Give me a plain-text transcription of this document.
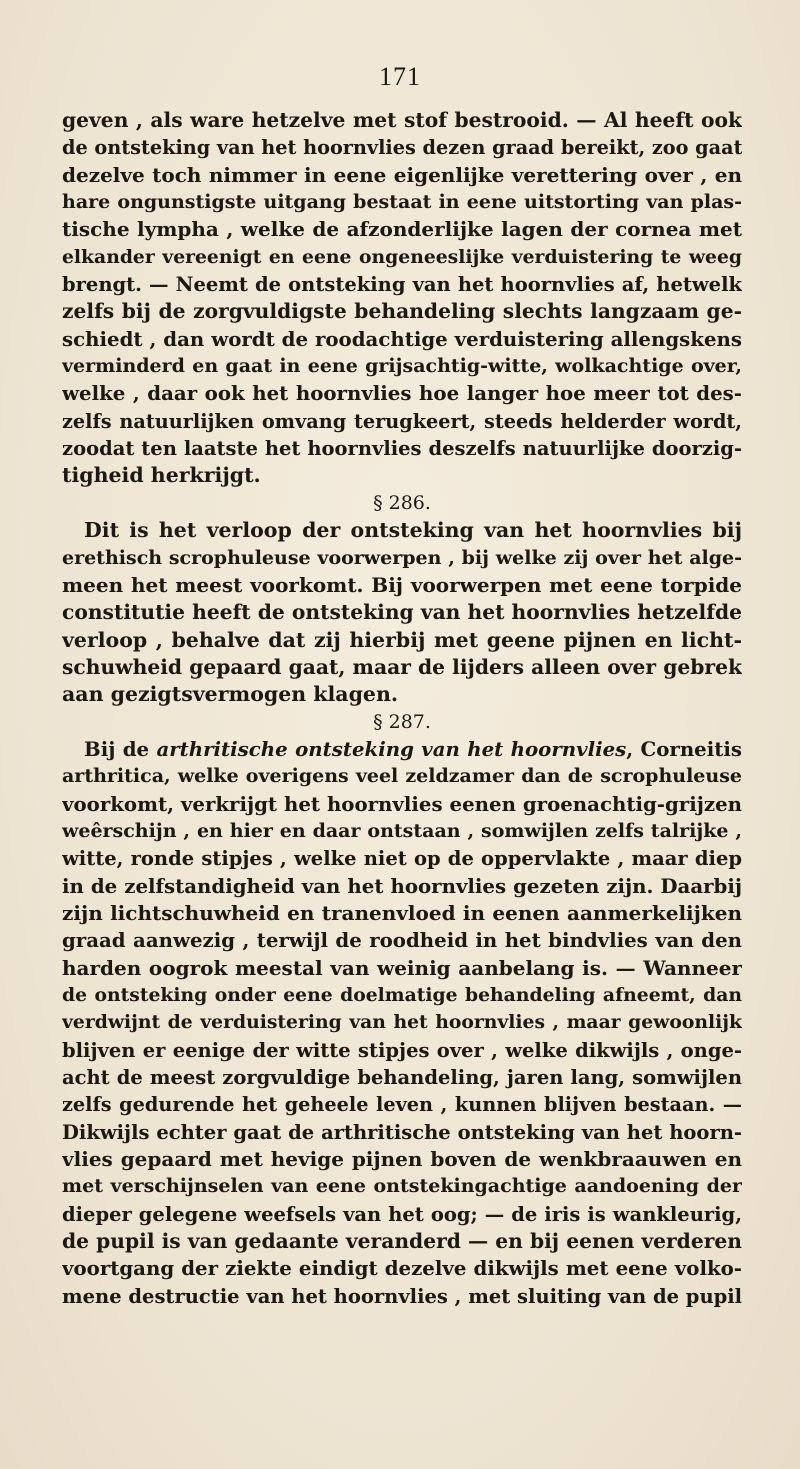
171
geven , als ware hetzelve met stof bestrooid. — Al heeft ook
de ontsteking van het hoornvlies dezen graad bereikt, zoo gaat
dezelve toch nimmer in eene eigenlijke verettering over , en
hare ongunstigste uitgang bestaat in eene uitstorting van plas-
tische lympha , welke de afzonderlijke lagen der cornea met
elkander vereenigt en eene ongeneeslijke verduistering te weeg
brengt. — Neemt de ontsteking van het hoornvlies af, hetwelk
zelfs bij de zorgvuldigste behandeling slechts langzaam ge-
schiedt , dan wordt de roodachtige verduistering allengskens
verminderd en gaat in eene grijsachtig-witte, wolkachtige over,
welke , daar ook het hoornvlies hoe langer hoe meer tot des-
zelfs natuurlijken omvang terugkeert, steeds helderder wordt,
zoodat ten laatste het hoornvlies deszelfs natuurlijke doorzig-
tigheid herkrijgt.
§ 286.
Dit is het verloop der ontsteking van het hoornvlies bij
erethisch scrophuleuse voorwerpen , bij welke zij over het alge-
meen het meest voorkomt. Bij voorwerpen met eene torpide
constitutie heeft de ontsteking van het hoornvlies hetzelfde
verloop , behalve dat zij hierbij met geene pijnen en licht-
schuwheid gepaard gaat, maar de lijders alleen over gebrek
aan gezigtsvermogen klagen.
§ 287.
Bij de arthritische ontsteking van het hoornvlies, Corneitis
arthritica, welke overigens veel zeldzamer dan de scrophuleuse
voorkomt, verkrijgt het hoornvlies eenen groenachtig-grijzen
weêrschijn , en hier en daar ontstaan , somwijlen zelfs talrijke ,
witte, ronde stipjes , welke niet op de oppervlakte , maar diep
in de zelfstandigheid van het hoornvlies gezeten zijn. Daarbij
zijn lichtschuwheid en tranenvloed in eenen aanmerkelijken
graad aanwezig , terwijl de roodheid in het bindvlies van den
harden oogrok meestal van weinig aanbelang is. — Wanneer
de ontsteking onder eene doelmatige behandeling afneemt, dan
verdwijnt de verduistering van het hoornvlies , maar gewoonlijk
blijven er eenige der witte stipjes over , welke dikwijls , onge-
acht de meest zorgvuldige behandeling, jaren lang, somwijlen
zelfs gedurende het geheele leven , kunnen blijven bestaan. —
Dikwijls echter gaat de arthritische ontsteking van het hoorn-
vlies gepaard met hevige pijnen boven de wenkbraauwen en
met verschijnselen van eene ontstekingachtige aandoening der
dieper gelegene weefsels van het oog; — de iris is wankleurig,
de pupil is van gedaante veranderd — en bij eenen verderen
voortgang der ziekte eindigt dezelve dikwijls met eene volko-
mene destructie van het hoornvlies , met sluiting van de pupil
